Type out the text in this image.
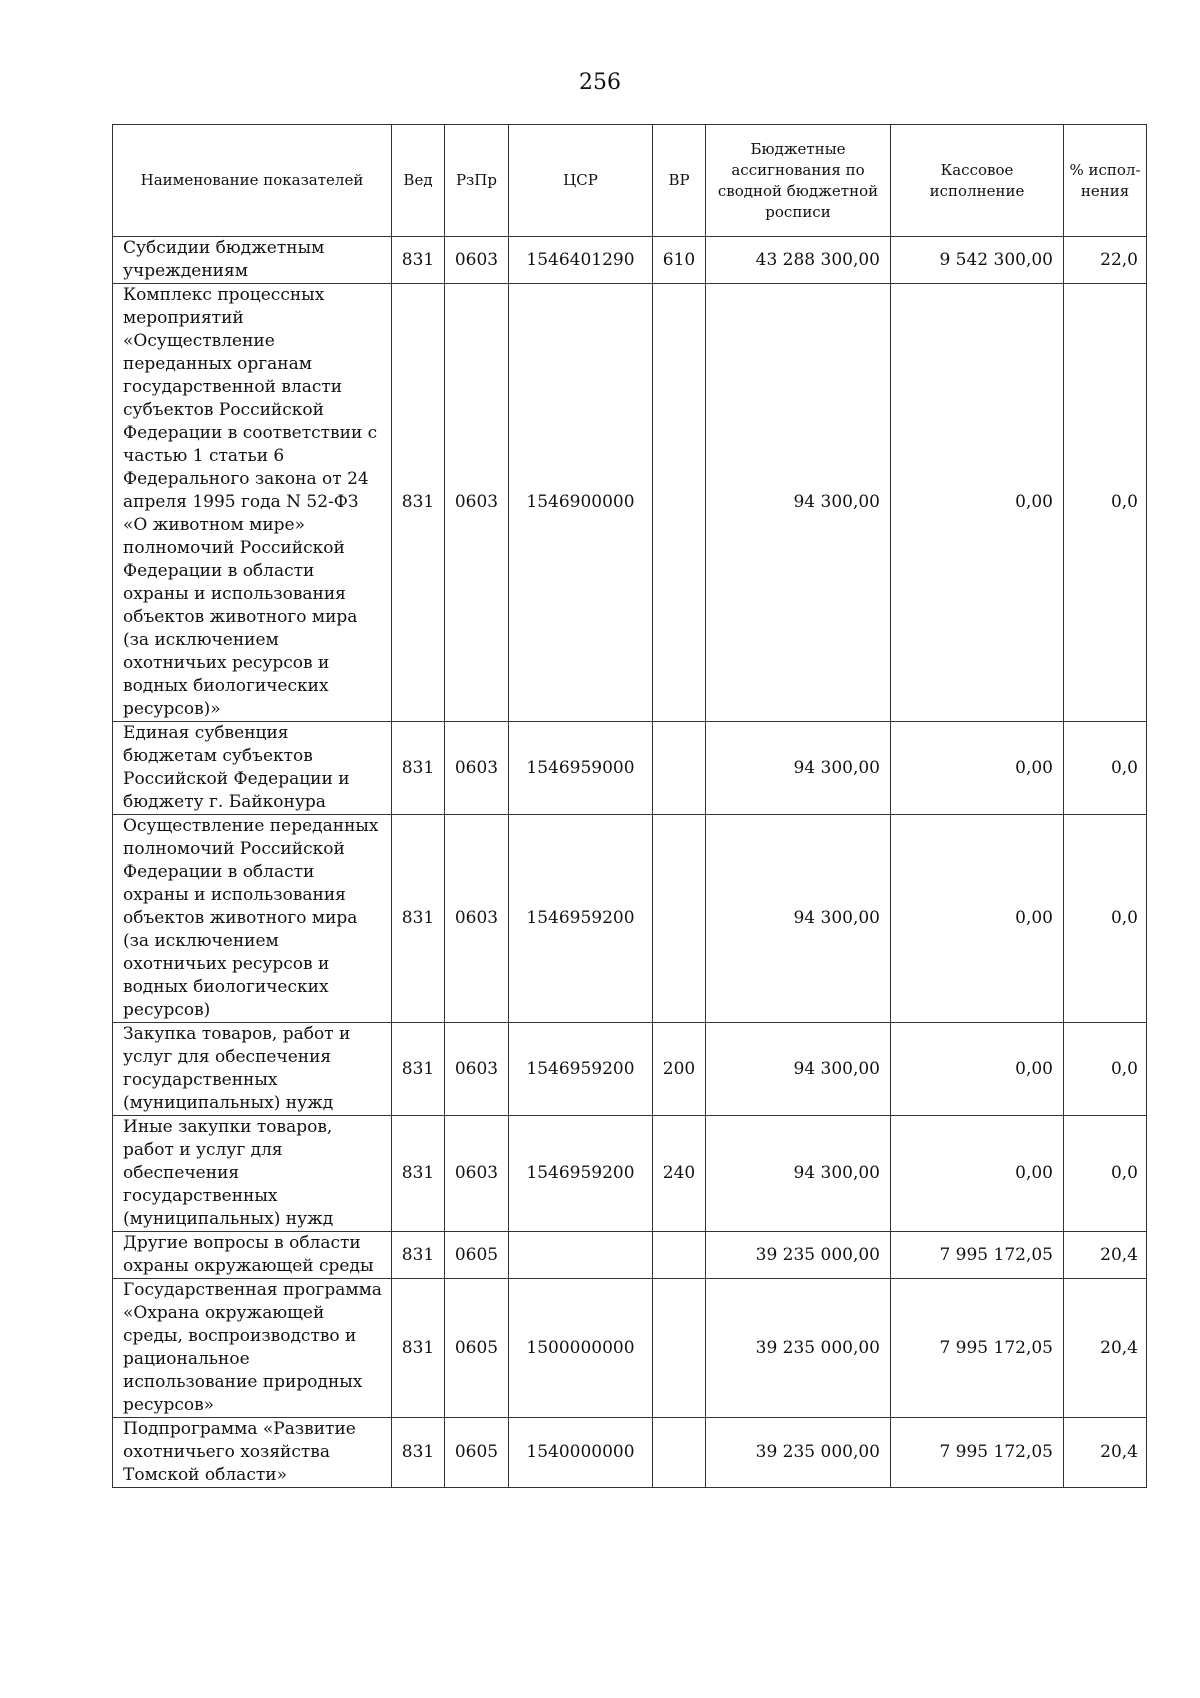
256
Наименование показателей	Вед	РзПр	ЦСР	ВР	Бюджетные ассигнования по сводной бюджетной росписи	Кассовое исполнение	% испол-нения
Субсидии бюджетным учреждениям	831	0603	1546401290	610	43 288 300,00	9 542 300,00	22,0
Комплекс процессных мероприятий «Осуществление переданных органам государственной власти субъектов Российской Федерации в соответствии с частью 1 статьи 6 Федерального закона от 24 апреля 1995 года N 52-ФЗ «О животном мире» полномочий Российской Федерации в области охраны и использования объектов животного мира (за исключением охотничьих ресурсов и водных биологических ресурсов)»	831	0603	1546900000		94 300,00	0,00	0,0
Единая субвенция бюджетам субъектов Российской Федерации и бюджету г. Байконура	831	0603	1546959000		94 300,00	0,00	0,0
Осуществление переданных полномочий Российской Федерации в области охраны и использования объектов животного мира (за исключением охотничьих ресурсов и водных биологических ресурсов)	831	0603	1546959200		94 300,00	0,00	0,0
Закупка товаров, работ и услуг для обеспечения государственных (муниципальных) нужд	831	0603	1546959200	200	94 300,00	0,00	0,0
Иные закупки товаров, работ и услуг для обеспечения государственных (муниципальных) нужд	831	0603	1546959200	240	94 300,00	0,00	0,0
Другие вопросы в области охраны окружающей среды	831	0605			39 235 000,00	7 995 172,05	20,4
Государственная программа «Охрана окружающей среды, воспроизводство и рациональное использование природных ресурсов»	831	0605	1500000000		39 235 000,00	7 995 172,05	20,4
Подпрограмма «Развитие охотничьего хозяйства Томской области»	831	0605	1540000000		39 235 000,00	7 995 172,05	20,4
